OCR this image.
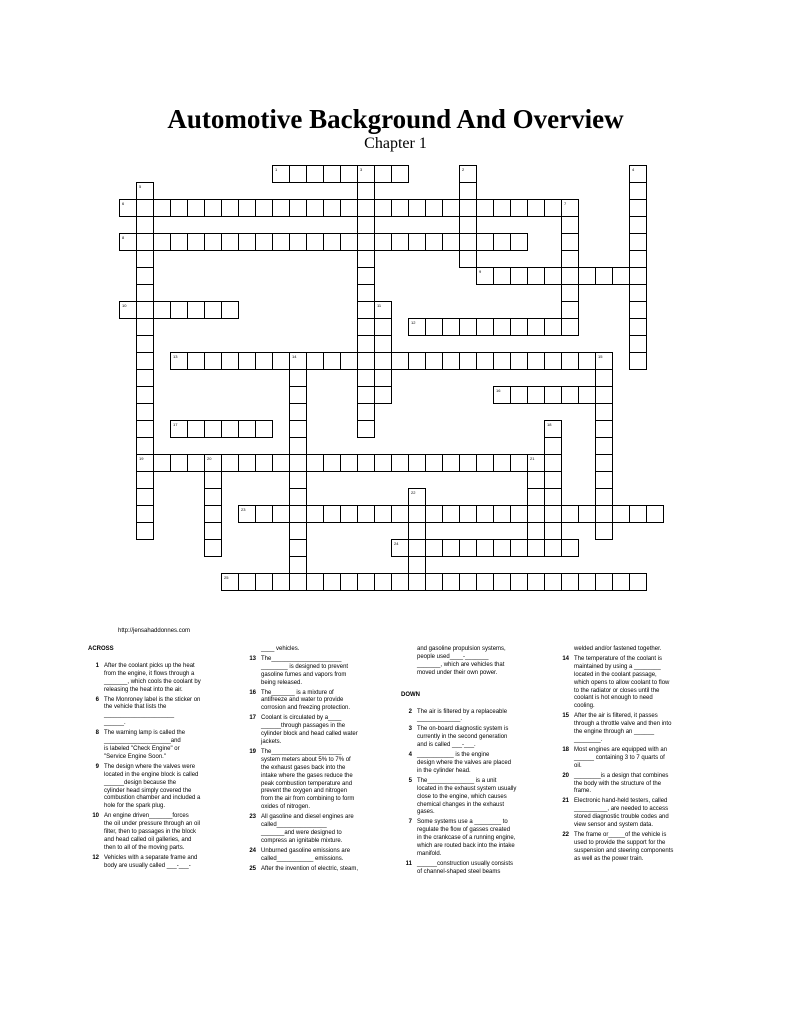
Automotive Background And Overview
Chapter 1
1	3	2	4
5
19
6	7
8
9
10	11
12
13	14	15
16
17	18
20	21
22
23
24
25
http://jensahaddonnes.com
ACROSS
1 After the coolant picks up the heat
from the engine, it flows through a
_______, which cools the coolant by
releasing the heat into the air.
6 The Monroney label is the sticker on
the vehicle that lists the
_____________________
______.
8 The warning lamp is called the
____________________and
is labeled "Check Engine" or
"Service Engine Soon."
9 The design where the valves were
located in the engine block is called
______design because the
cylinder head simply covered the
combustion chamber and included a
hole for the spark plug.
10 An engine driven_______forces
the oil under pressure through an oil
filter, then to passages in the block
and head called oil galleries, and
then to all of the moving parts.
12 Vehicles with a separate frame and
body are usually called ___-___-
____ vehicles.
13 The_____________________
________ is designed to prevent
gasoline fumes and vapors from
being released.
16 The_______ is a mixture of
antifreeze and water to provide
corrosion and freezing protection.
17 Coolant is circulated by a____
______through passages in the
cylinder block and head called water
jackets.
19 The_____________________
system meters about 5% to 7% of
the exhaust gases back into the
intake where the gases reduce the
peak combustion temperature and
prevent the oxygen and nitrogen
from the air from combining to form
oxides of nitrogen.
23 All gasoline and diesel engines are
called_______________
_______and were designed to
compress an ignitable mixture.
24 Unburned gasoline emissions are
called___________ emissions.
25 After the invention of electric, steam,
and gasoline propulsion systems,
people used____-_______
_______, which are vehicles that
moved under their own power.
DOWN
2 The air is filtered by a replaceable
_____________.
3 The on-board diagnostic system is
currently in the second generation
and is called ___-___.
4 ___________ is the engine
design where the valves are placed
in the cylinder head.
5 The______________ is a unit
located in the exhaust system usually
close to the engine, which causes
chemical changes in the exhaust
gases.
7 Some systems use a ________ to
regulate the flow of gasses created
in the crankcase of a running engine,
which are routed back into the intake
manifold.
11 ______construction usually consists
of channel-shaped steel beams
welded and/or fastened together.
14 The temperature of the coolant is
maintained by using a ________
located in the coolant passage,
which opens to allow coolant to flow
to the radiator or closes until the
coolant is hot enough to need
cooling.
15 After the air is filtered, it passes
through a throttle valve and then into
the engine through an ______
________.
18 Most engines are equipped with an
______ containing 3 to 7 quarts of
oil.
20 ________is a design that combines
the body with the structure of the
frame.
21 Electronic hand-held testers, called
__________, are needed to access
stored diagnostic trouble codes and
view sensor and system data.
22 The frame or_____of the vehicle is
used to provide the support for the
suspension and steering components
as well as the power train.
